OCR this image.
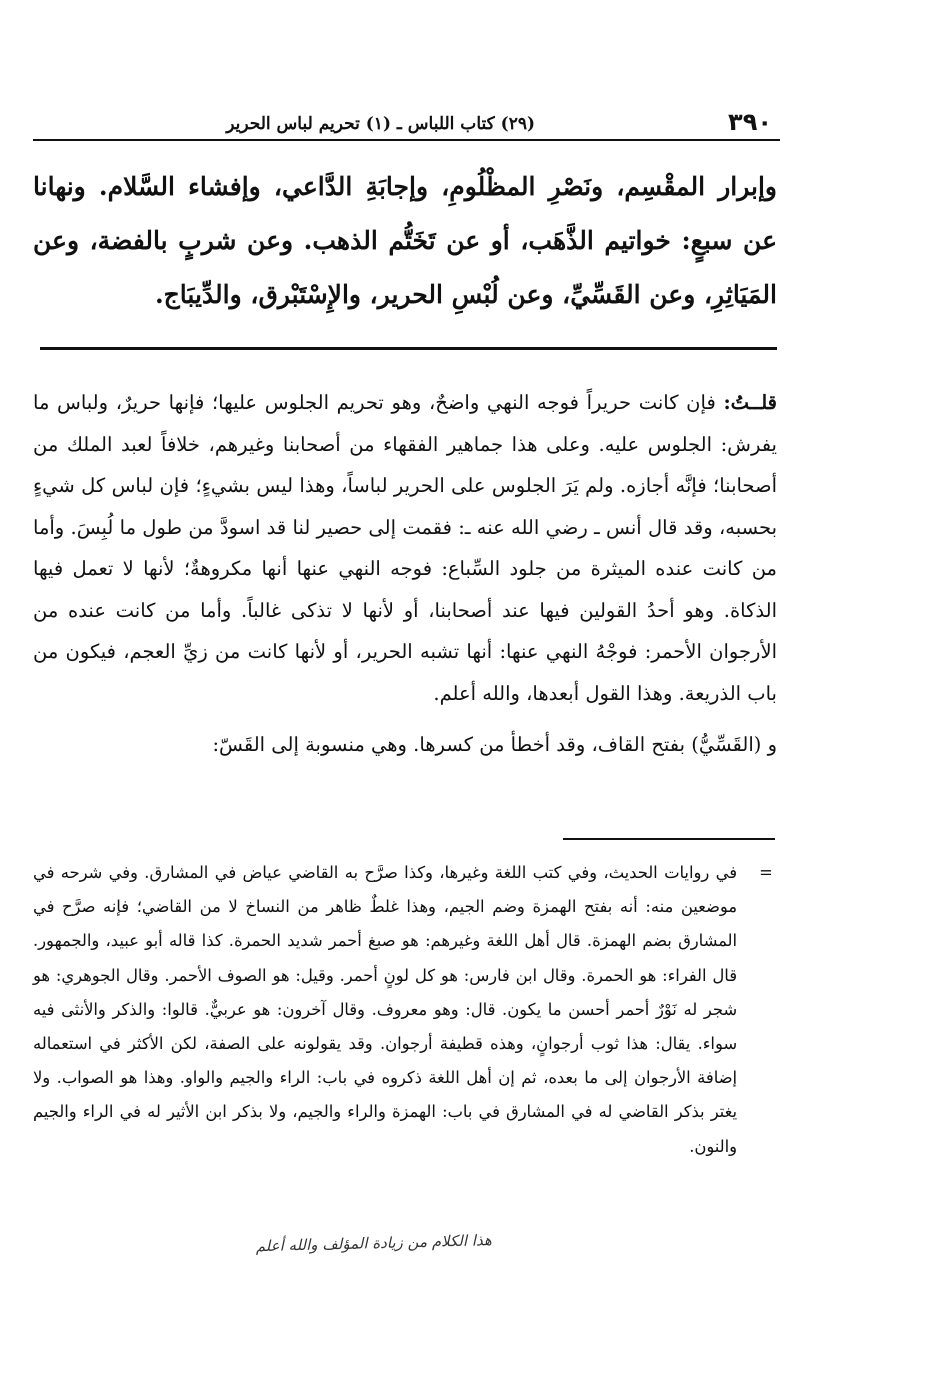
٣٩٠
(٢٩) كتاب اللباس ـ (١) تحريم لباس الحرير

وإبرار المقْسِم، ونَصْرِ المظْلُومِ، وإجابَةِ الدَّاعي، وإفشاء السَّلام. ونهانا عن سبعٍ: خواتيم الذَّهَب، أو عن تَخَتُّم الذهب. وعن شربٍ بالفضة، وعن المَيَاثِرِ، وعن القَسِّيِّ، وعن لُبْسِ الحرير، والإِسْتَبْرق، والدِّيبَاج.

قلــتُ: فإن كانت حريراً فوجه النهي واضحٌ، وهو تحريم الجلوس عليها؛ فإنها حريرٌ، ولباس ما يفرش: الجلوس عليه. وعلى هذا جماهير الفقهاء من أصحابنا وغيرهم، خلافاً لعبد الملك من أصحابنا؛ فإنَّه أجازه. ولم يَرَ الجلوس على الحرير لباساً، وهذا ليس بشيءٍ؛ فإن لباس كل شيءٍ بحسبه، وقد قال أنس ـ رضي الله عنه ـ: فقمت إلى حصير لنا قد اسودَّ من طول ما لُبِسَ. وأما من كانت عنده الميثرة من جلود السِّباع: فوجه النهي عنها أنها مكروهةٌ؛ لأنها لا تعمل فيها الذكاة. وهو أحدُ القولين فيها عند أصحابنا، أو لأنها لا تذكى غالباً. وأما من كانت عنده من الأرجوان الأحمر: فوجْهُ النهي عنها: أنها تشبه الحرير، أو لأنها كانت من زيِّ العجم، فيكون من باب الذريعة. وهذا القول أبعدها، والله أعلم.

و (القَسِّيُّ) بفتح القاف، وقد أخطأ من كسرها. وهي منسوبة إلى القَسّ:

=
في روايات الحديث، وفي كتب اللغة وغيرها، وكذا صرَّح به القاضي عياض في المشارق. وفي شرحه في موضعين منه: أنه بفتح الهمزة وضم الجيم، وهذا غلطٌ ظاهر من النساخ لا من القاضي؛ فإنه صرَّح في المشارق بضم الهمزة. قال أهل اللغة وغيرهم: هو صبغ أحمر شديد الحمرة. كذا قاله أبو عبيد، والجمهور. قال الفراء: هو الحمرة. وقال ابن فارس: هو كل لونٍ أحمر. وقيل: هو الصوف الأحمر. وقال الجوهري: هو شجر له نَوْرٌ أحمر أحسن ما يكون. قال: وهو معروف. وقال آخرون: هو عربيٌّ. قالوا: والذكر والأنثى فيه سواء. يقال: هذا ثوب أرجوانٍ، وهذه قطيفة أرجوان. وقد يقولونه على الصفة، لكن الأكثر في استعماله إضافة الأرجوان إلى ما بعده، ثم إن أهل اللغة ذكروه في باب: الراء والجيم والواو. وهذا هو الصواب. ولا يغتر بذكر القاضي له في المشارق في باب: الهمزة والراء والجيم، ولا بذكر ابن الأثير له في الراء والجيم والنون.
هذا الكلام من زيادة المؤلف والله أعلم
